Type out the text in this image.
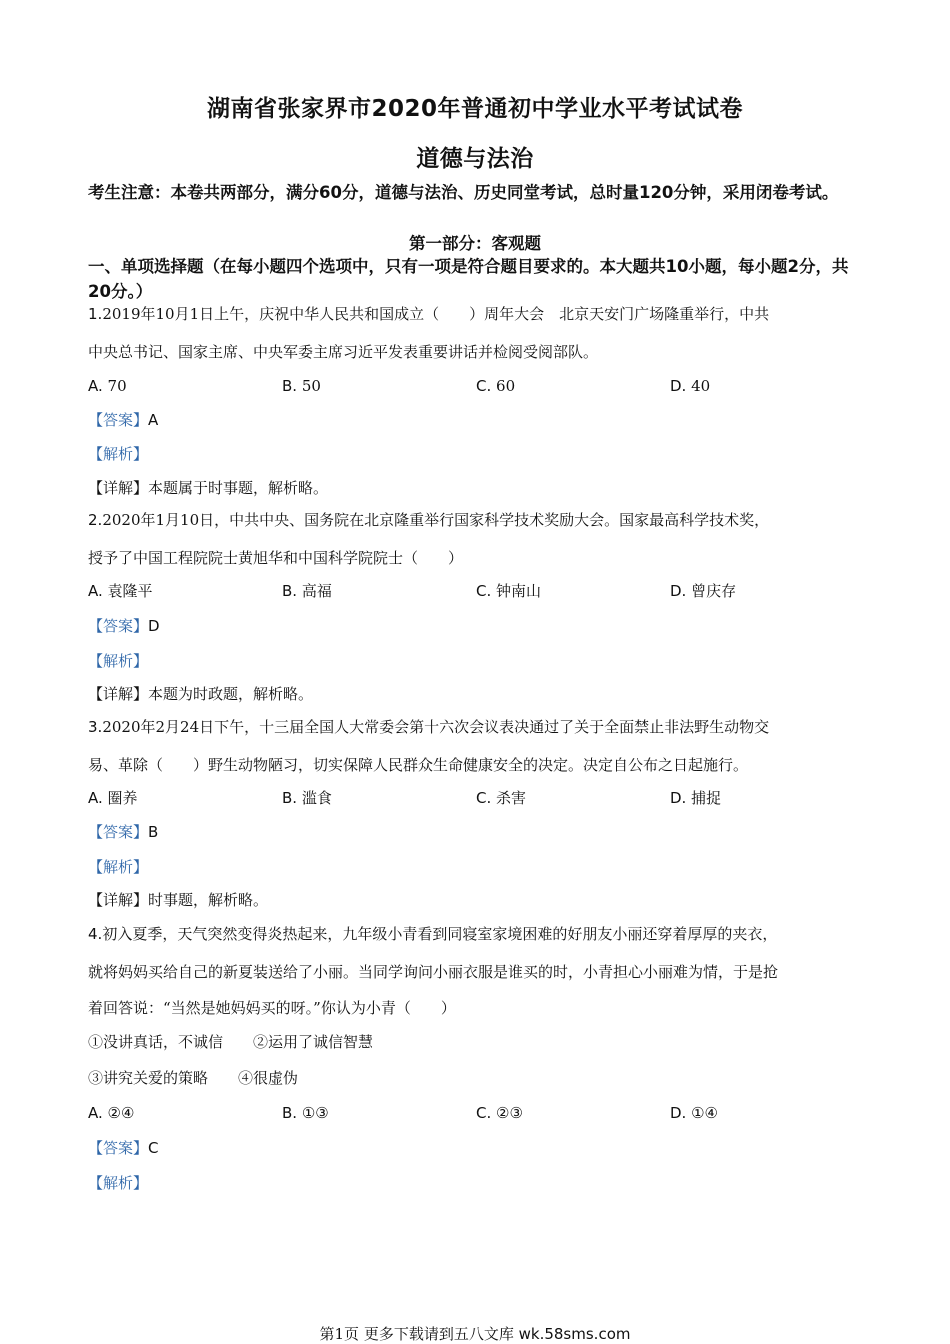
湖南省张家界市2020年普通初中学业水平考试试卷
道德与法治
考生注意：本卷共两部分，满分60分，道德与法治、历史同堂考试，总时量120分钟，采用闭卷考试。
第一部分：客观题
一、单项选择题（在每小题四个选项中，只有一项是符合题目要求的。本大题共10小题，每小题2分，共20分。）
1.2019年10月1日上午，庆祝中华人民共和国成立（　　）周年大会　北京天安门广场隆重举行，中共
中央总书记、国家主席、中央军委主席习近平发表重要讲话并检阅受阅部队。
A. 70	B. 50	C. 60	D. 40
【答案】A
【解析】
【详解】本题属于时事题，解析略。
2.2020年1月10日，中共中央、国务院在北京隆重举行国家科学技术奖励大会。国家最高科学技术奖，
授予了中国工程院院士黄旭华和中国科学院院士（　　）
A. 袁隆平	B. 高福	C. 钟南山	D. 曾庆存
【答案】D
【解析】
【详解】本题为时政题，解析略。
3.2020年2月24日下午，十三届全国人大常委会第十六次会议表决通过了关于全面禁止非法野生动物交
易、革除（　　）野生动物陋习，切实保障人民群众生命健康安全的决定。决定自公布之日起施行。
A. 圈养	B. 滥食	C. 杀害	D. 捕捉
【答案】B
【解析】
【详解】时事题，解析略。
4.初入夏季，天气突然变得炎热起来，九年级小青看到同寝室家境困难的好朋友小丽还穿着厚厚的夹衣，
就将妈妈买给自己的新夏装送给了小丽。当同学询问小丽衣服是谁买的时，小青担心小丽难为情，于是抢
着回答说：“当然是她妈妈买的呀。”你认为小青（　　）
①没讲真话，不诚信　　②运用了诚信智慧
③讲究关爱的策略　　④很虚伪
A. ②④	B. ①③	C. ②③	D. ①④
【答案】C
【解析】
第1页 更多下载请到五八文库 wk.58sms.com
